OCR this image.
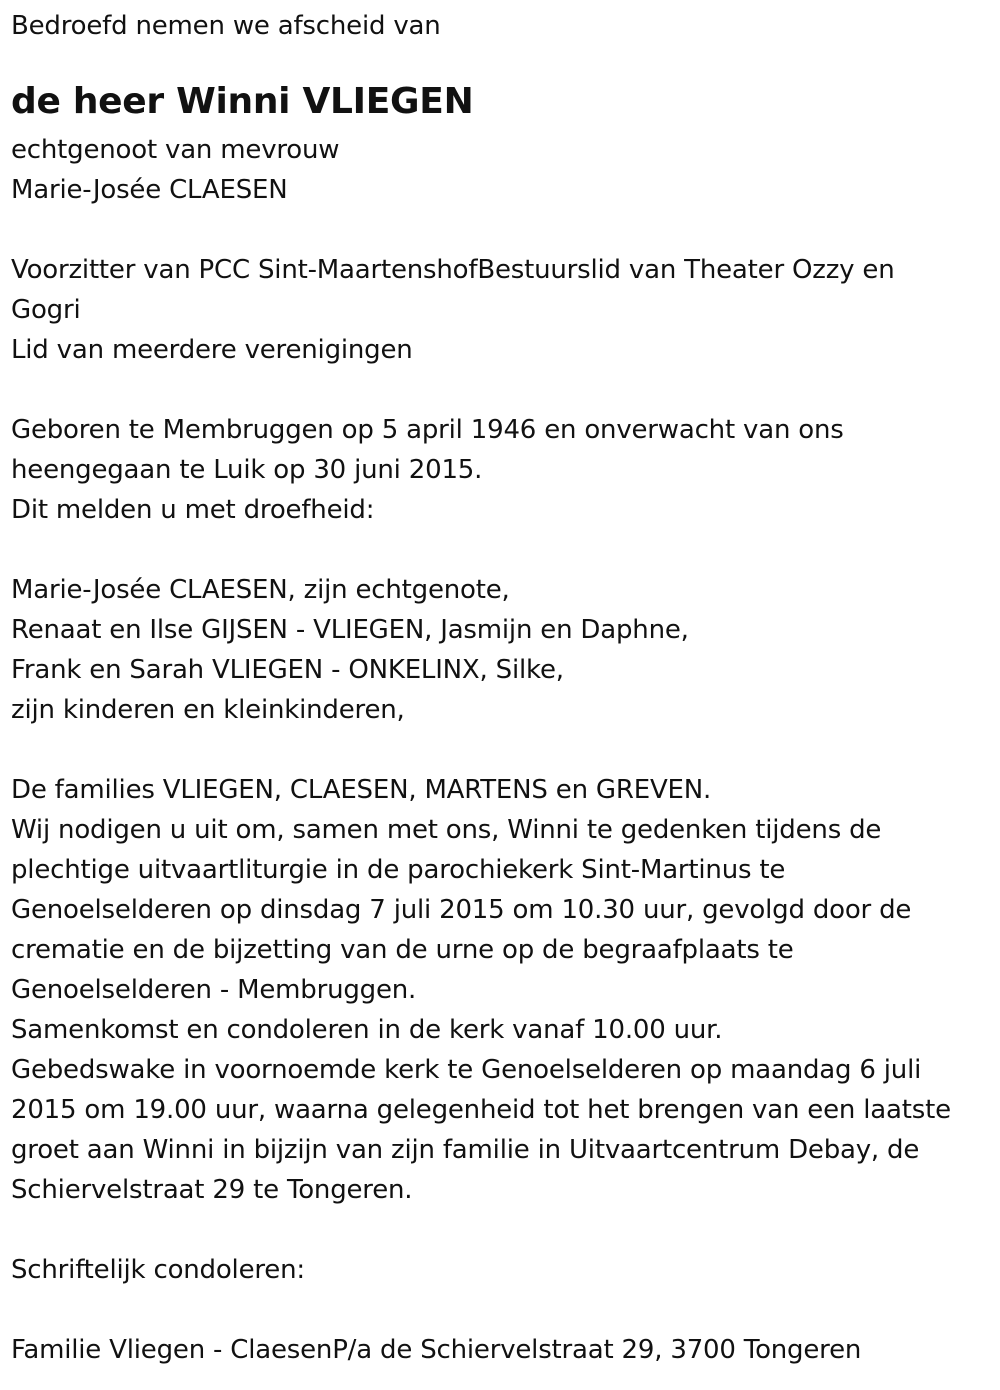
Bedroefd nemen we afscheid van
de heer Winni VLIEGEN
echtgenoot van mevrouw
Marie-Josée CLAESEN
Voorzitter van PCC Sint-MaartenshofBestuurslid van Theater Ozzy en
Gogri
Lid van meerdere verenigingen
Geboren te Membruggen op 5 april 1946 en onverwacht van ons
heengegaan te Luik op 30 juni 2015.
Dit melden u met droefheid:
Marie-Josée CLAESEN, zijn echtgenote,
Renaat en Ilse GIJSEN - VLIEGEN, Jasmijn en Daphne,
Frank en Sarah VLIEGEN - ONKELINX, Silke,
zijn kinderen en kleinkinderen,
De families VLIEGEN, CLAESEN, MARTENS en GREVEN.
Wij nodigen u uit om, samen met ons, Winni te gedenken tijdens de
plechtige uitvaartliturgie in de parochiekerk Sint-Martinus te
Genoelselderen op dinsdag 7 juli 2015 om 10.30 uur, gevolgd door de
crematie en de bijzetting van de urne op de begraafplaats te
Genoelselderen - Membruggen.
Samenkomst en condoleren in de kerk vanaf 10.00 uur.
Gebedswake in voornoemde kerk te Genoelselderen op maandag 6 juli
2015 om 19.00 uur, waarna gelegenheid tot het brengen van een laatste
groet aan Winni in bijzijn van zijn familie in Uitvaartcentrum Debay, de
Schiervelstraat 29 te Tongeren.
Schriftelijk condoleren:
Familie Vliegen - ClaesenP/a de Schiervelstraat 29, 3700 Tongeren
